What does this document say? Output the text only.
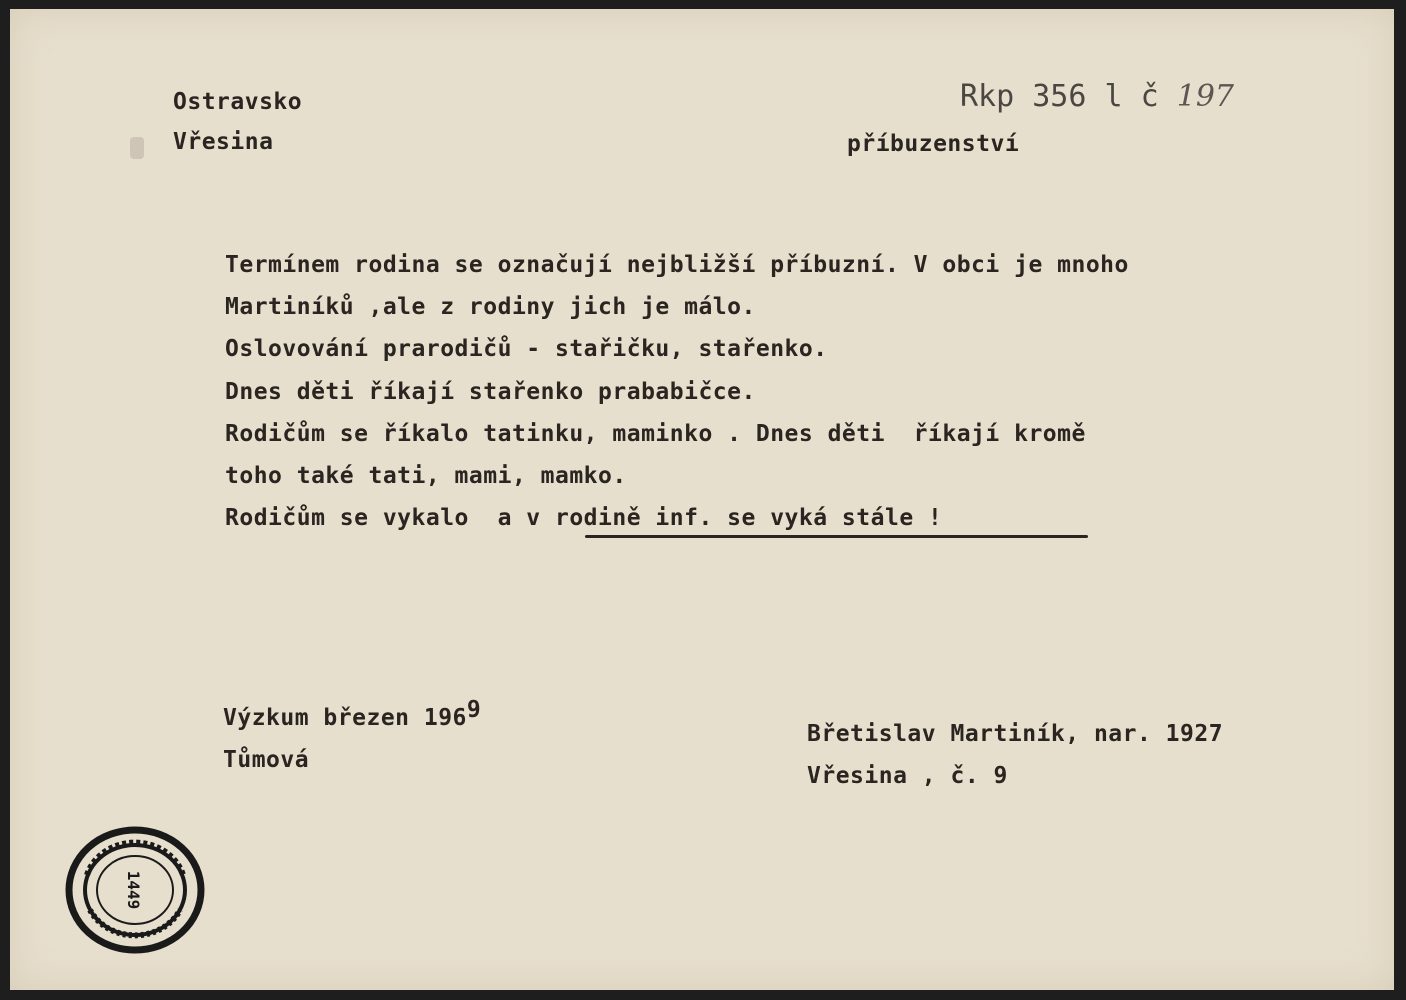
Ostravsko
Vřesina	příbuzenství
Rkp 356 l č 197
Termínem rodina se označují nejbližší příbuzní. V obci je mnoho
Martiníků ,ale z rodiny jich je málo.
Oslovování prarodičů - stařičku, stařenko.
Dnes děti říkají stařenko prababičce.
Rodičům se říkalo tatinku, maminko . Dnes děti  říkají kromě
toho také tati, mami, mamko.
Rodičům se vykalo  a v rodině inf. se vyká stále !
Výzkum březen 1969
Tůmová
Břetislav Martiník, nar. 1927
Vřesina , č. 9
1449
